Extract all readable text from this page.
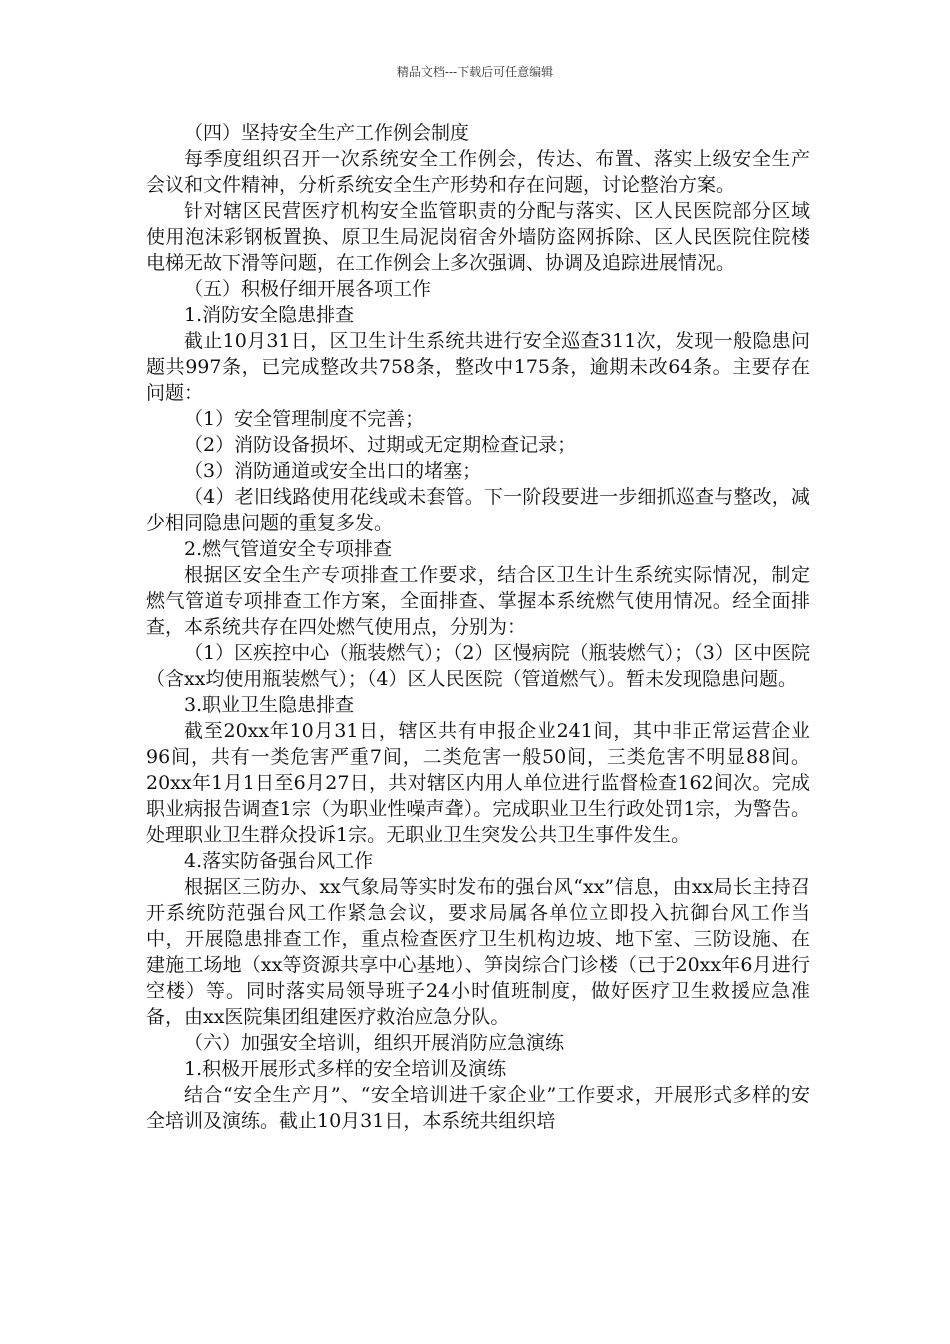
精品文档---下载后可任意编辑

（四）坚持安全生产工作例会制度

每季度组织召开一次系统安全工作例会，传达、布置、落实上级安全生产会议和文件精神，分析系统安全生产形势和存在问题，讨论整治方案。

针对辖区民营医疗机构安全监管职责的分配与落实、区人民医院部分区域使用泡沫彩钢板置换、原卫生局泥岗宿舍外墙防盗网拆除、区人民医院住院楼电梯无故下滑等问题，在工作例会上多次强调、协调及追踪进展情况。

（五）积极仔细开展各项工作

1.消防安全隐患排查

截止10月31日，区卫生计生系统共进行安全巡查311次，发现一般隐患问题共997条，已完成整改共758条，整改中175条，逾期未改64条。主要存在问题：

（1）安全管理制度不完善；

（2）消防设备损坏、过期或无定期检查记录；

（3）消防通道或安全出口的堵塞；

（4）老旧线路使用花线或未套管。下一阶段要进一步细抓巡查与整改，减少相同隐患问题的重复多发。

2.燃气管道安全专项排查

根据区安全生产专项排查工作要求，结合区卫生计生系统实际情况，制定燃气管道专项排查工作方案，全面排查、掌握本系统燃气使用情况。经全面排查，本系统共存在四处燃气使用点，分别为：

（1）区疾控中心（瓶装燃气）；（2）区慢病院（瓶装燃气）；（3）区中医院（含xx均使用瓶装燃气）；（4）区人民医院（管道燃气）。暂未发现隐患问题。

3.职业卫生隐患排查

截至20xx年10月31日，辖区共有申报企业241间，其中非正常运营企业96间，共有一类危害严重7间，二类危害一般50间，三类危害不明显88间。20xx年1月1日至6月27日，共对辖区内用人单位进行监督检查162间次。完成职业病报告调查1宗（为职业性噪声聋）。完成职业卫生行政处罚1宗，为警告。处理职业卫生群众投诉1宗。无职业卫生突发公共卫生事件发生。

4.落实防备强台风工作

根据区三防办、xx气象局等实时发布的强台风“xx”信息，由xx局长主持召开系统防范强台风工作紧急会议，要求局属各单位立即投入抗御台风工作当中，开展隐患排查工作，重点检查医疗卫生机构边坡、地下室、三防设施、在建施工场地（xx等资源共享中心基地）、笋岗综合门诊楼（已于20xx年6月进行空楼）等。同时落实局领导班子24小时值班制度，做好医疗卫生救援应急准备，由xx医院集团组建医疗救治应急分队。

（六）加强安全培训，组织开展消防应急演练

1.积极开展形式多样的安全培训及演练

结合“安全生产月”、“安全培训进千家企业”工作要求，开展形式多样的安全培训及演练。截止10月31日，本系统共组织培
